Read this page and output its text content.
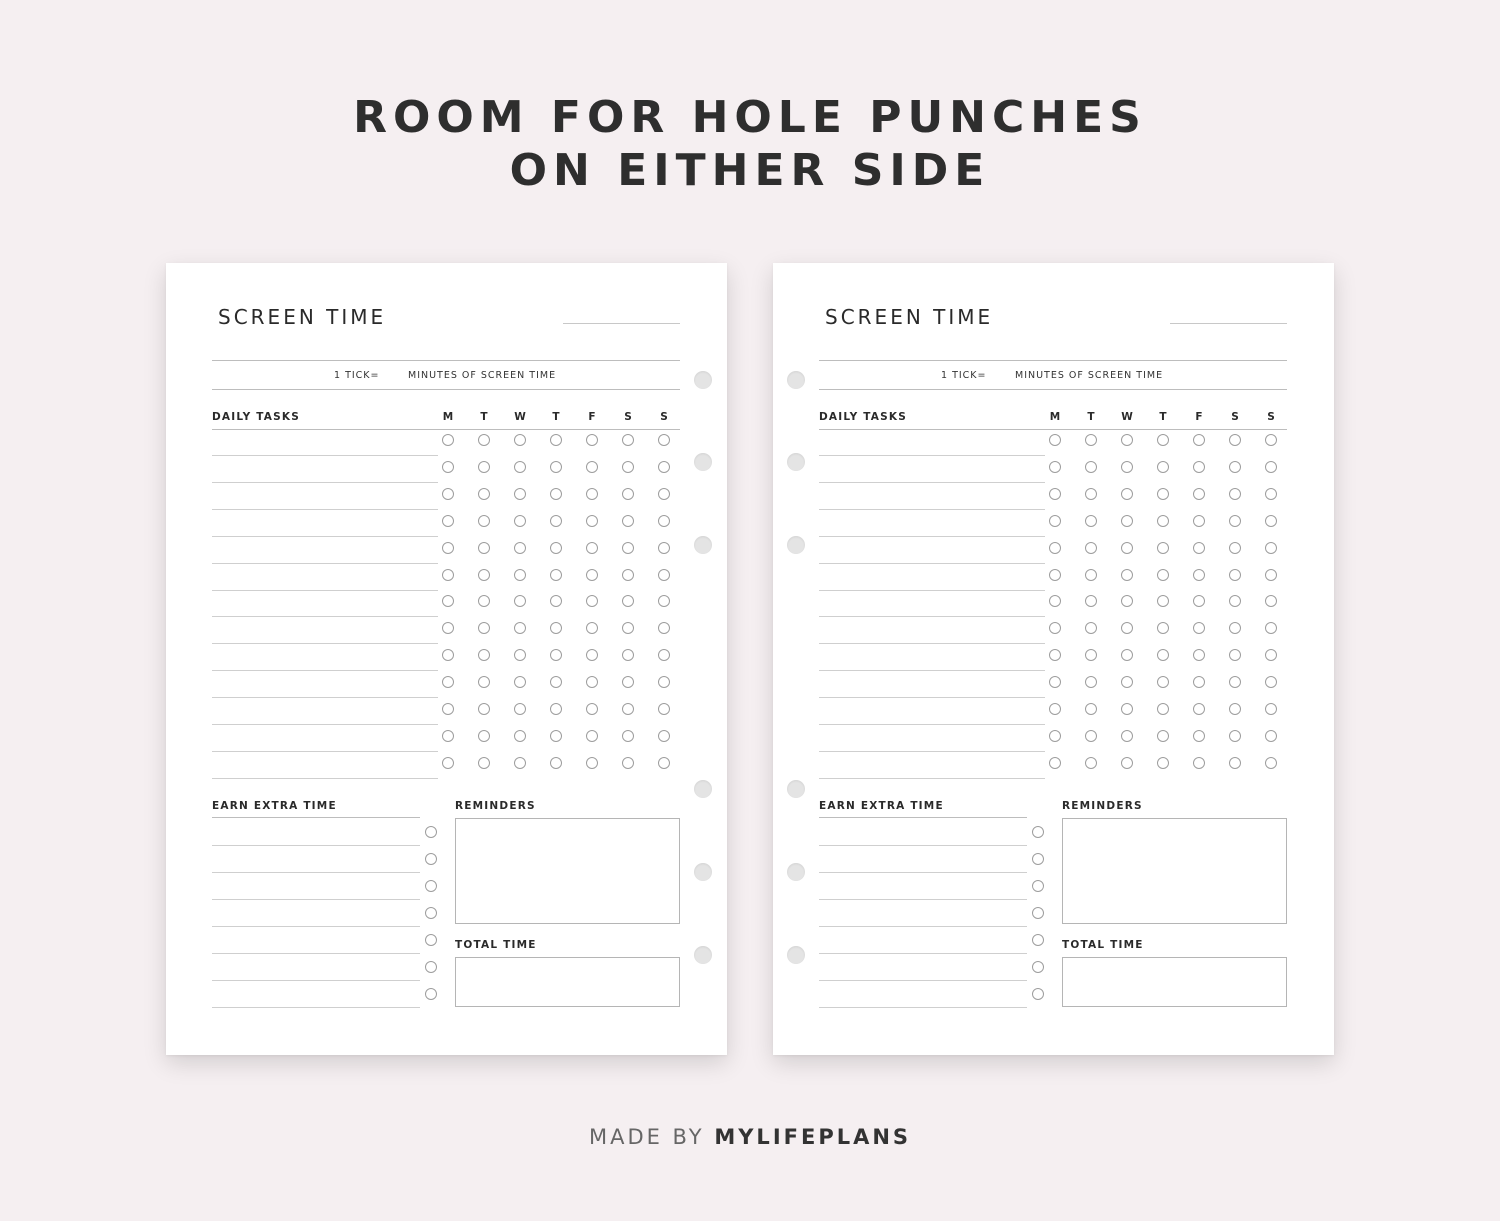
ROOM FOR HOLE PUNCHES
ON EITHER SIDE
SCREEN TIME
1 TICK=	MINUTES OF SCREEN TIME
DAILY TASKS	M	T	W	T	F	S	S
EARN EXTRA TIME	REMINDERS
TOTAL TIME
SCREEN TIME
1 TICK=	MINUTES OF SCREEN TIME
DAILY TASKS	M	T	W	T	F	S	S
EARN EXTRA TIME	REMINDERS
TOTAL TIME
MADE BY MYLIFEPLANS
